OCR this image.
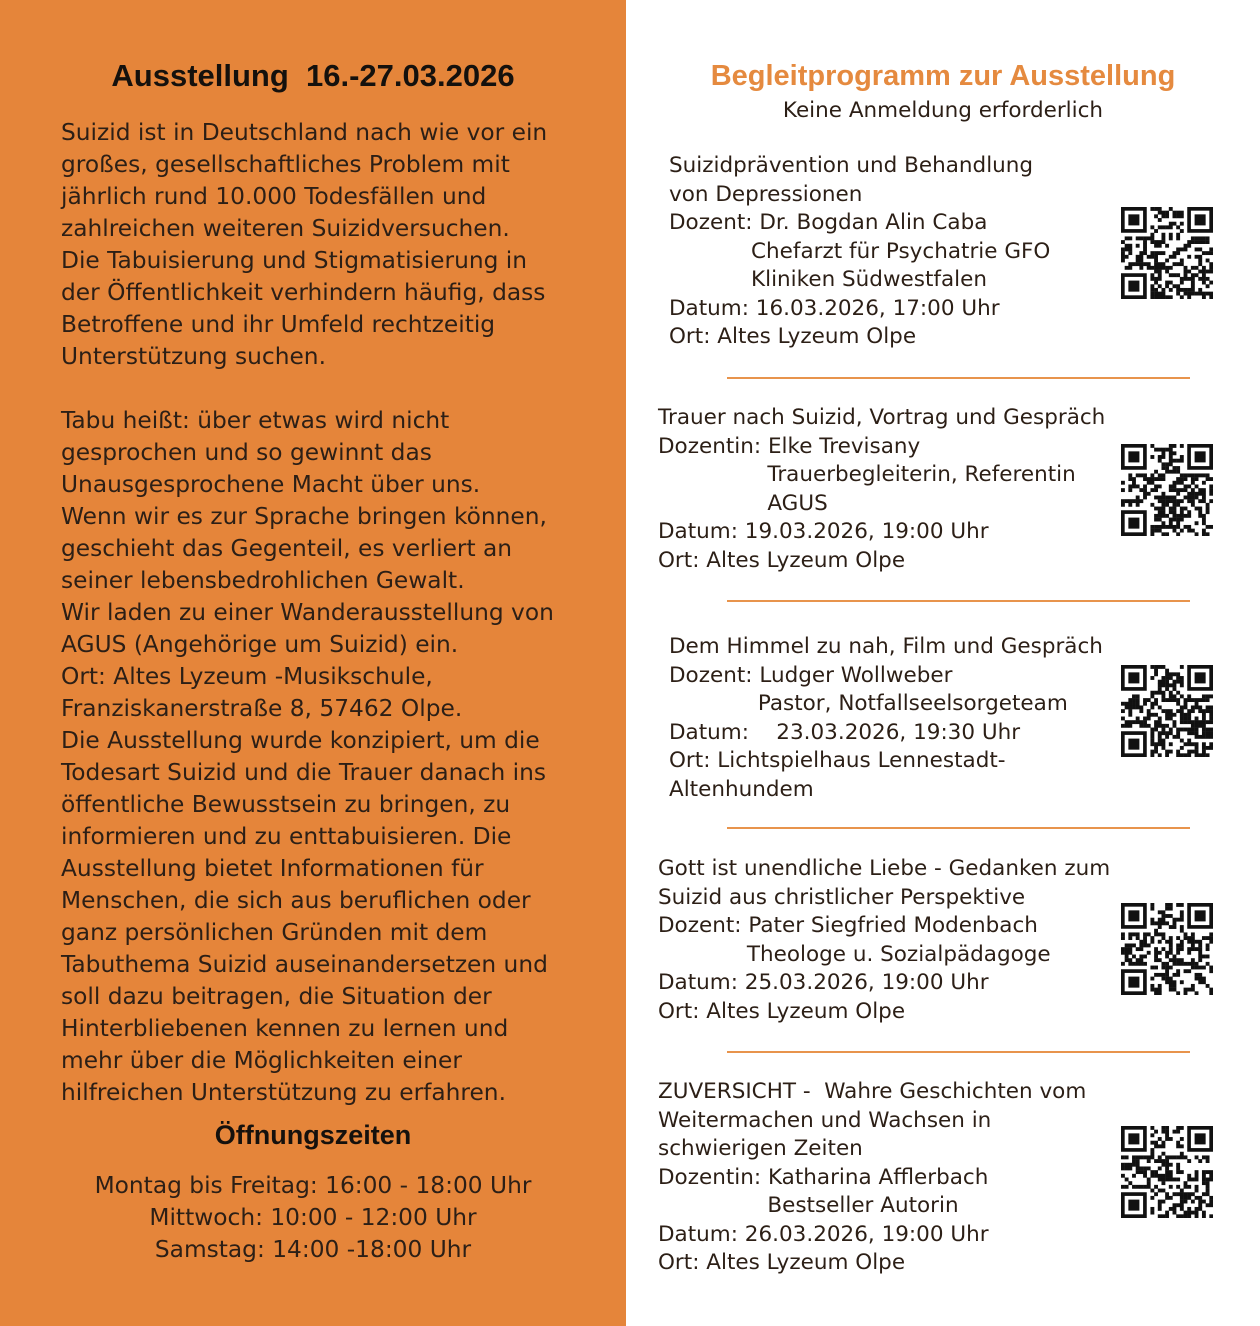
Ausstellung  16.-27.03.2026

Suizid ist in Deutschland nach wie vor ein

großes, gesellschaftliches Problem mit

jährlich rund 10.000 Todesfällen und

zahlreichen weiteren Suizidversuchen.

Die Tabuisierung und Stigmatisierung in

der Öffentlichkeit verhindern häufig, dass

Betroffene und ihr Umfeld rechtzeitig

Unterstützung suchen.

Tabu heißt: über etwas wird nicht

gesprochen und so gewinnt das

Unausgesprochene Macht über uns.

Wenn wir es zur Sprache bringen können,

geschieht das Gegenteil, es verliert an

seiner lebensbedrohlichen Gewalt.

Wir laden zu einer Wanderausstellung von

AGUS (Angehörige um Suizid) ein.

Ort: Altes Lyzeum -Musikschule,

Franziskanerstraße 8, 57462 Olpe.

Die Ausstellung wurde konzipiert, um die

Todesart Suizid und die Trauer danach ins

öffentliche Bewusstsein zu bringen, zu

informieren und zu enttabuisieren. Die

Ausstellung bietet Informationen für

Menschen, die sich aus beruflichen oder

ganz persönlichen Gründen mit dem

Tabuthema Suizid auseinandersetzen und

soll dazu beitragen, die Situation der

Hinterbliebenen kennen zu lernen und

mehr über die Möglichkeiten einer

hilfreichen Unterstützung zu erfahren.

Öffnungszeiten
Montag bis Freitag: 16:00 - 18:00 Uhr
Mittwoch: 10:00 - 12:00 Uhr
Samstag: 14:00 -18:00 Uhr
Begleitprogramm zur Ausstellung
Keine Anmeldung erforderlich
Suizidprävention und Behandlung
von Depressionen
Dozent: Dr. Bogdan Alin Caba
Chefarzt für Psychatrie GFO
Kliniken Südwestfalen
Datum: 16.03.2026, 17:00 Uhr
Ort: Altes Lyzeum Olpe
Trauer nach Suizid, Vortrag und Gespräch
Dozentin: Elke Trevisany
Trauerbegleiterin, Referentin
AGUS
Datum: 19.03.2026, 19:00 Uhr
Ort: Altes Lyzeum Olpe
Dem Himmel zu nah, Film und Gespräch
Dozent: Ludger Wollweber
Pastor, Notfallseelsorgeteam
Datum:    23.03.2026, 19:30 Uhr
Ort: Lichtspielhaus Lennestadt-
Altenhundem
Gott ist unendliche Liebe - Gedanken zum
Suizid aus christlicher Perspektive
Dozent: Pater Siegfried Modenbach
Theologe u. Sozialpädagoge
Datum: 25.03.2026, 19:00 Uhr
Ort: Altes Lyzeum Olpe
ZUVERSICHT -  Wahre Geschichten vom
Weitermachen und Wachsen in
schwierigen Zeiten
Dozentin: Katharina Afflerbach
Bestseller Autorin
Datum: 26.03.2026, 19:00 Uhr
Ort: Altes Lyzeum Olpe
